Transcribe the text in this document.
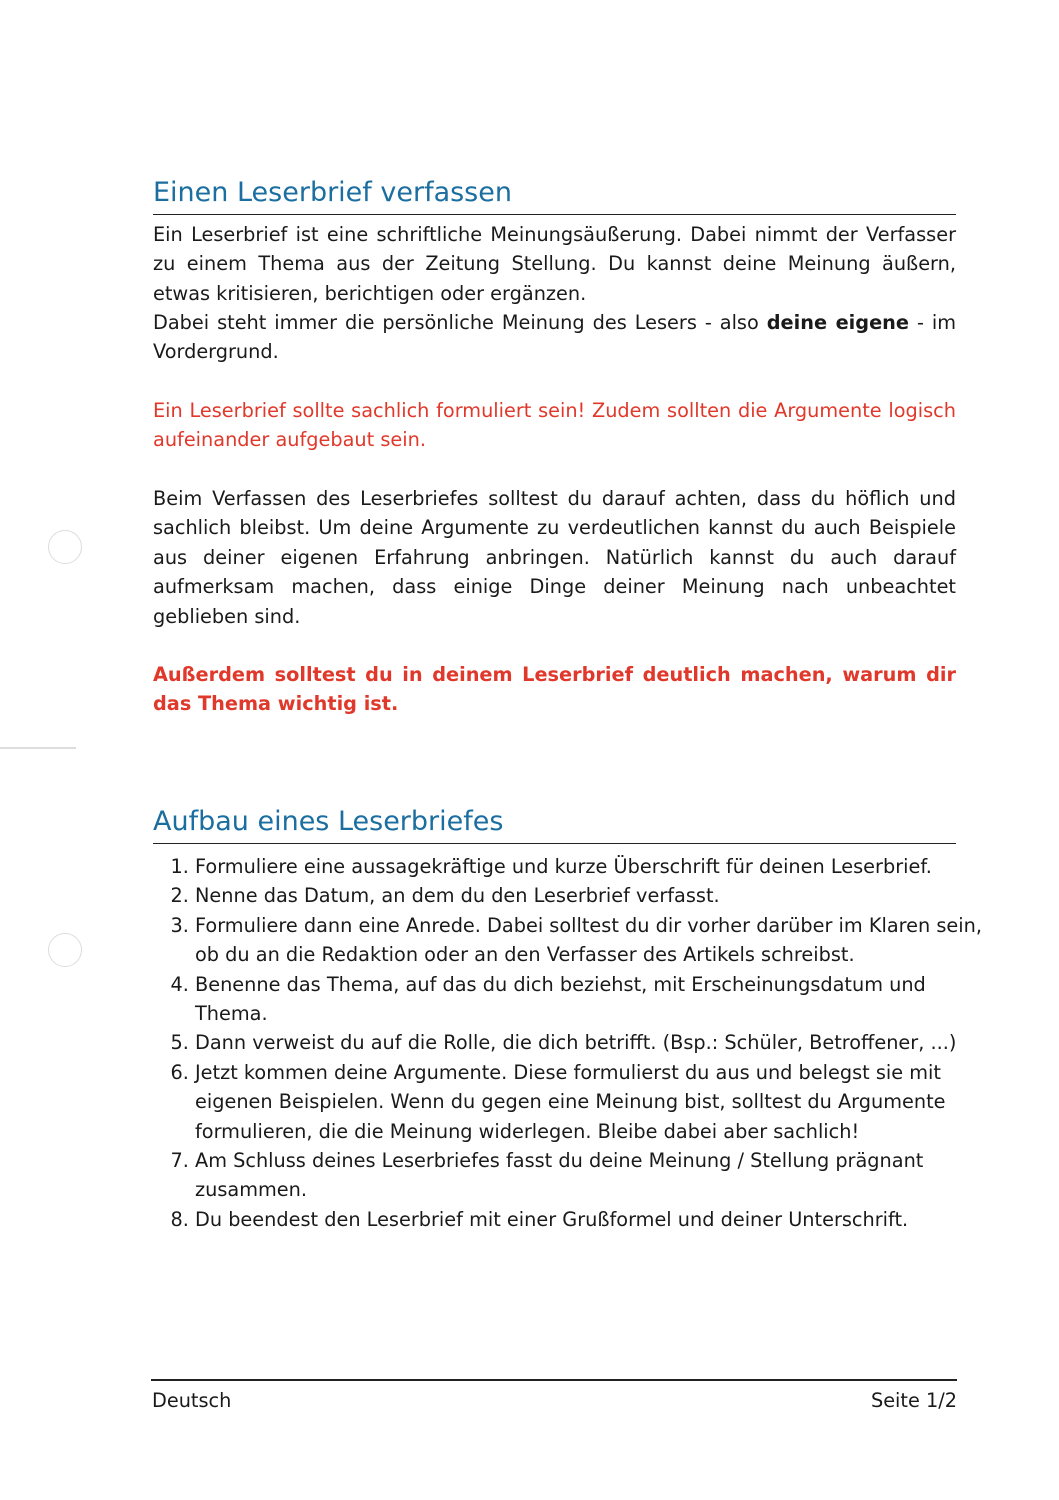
Einen Leserbrief verfassen

Ein Leserbrief ist eine schriftliche Meinungsäußerung. Dabei nimmt der Verfasser zu einem Thema aus der Zeitung Stellung. Du kannst deine Meinung äußern, etwas kritisieren, berichtigen oder ergänzen.

Dabei steht immer die persönliche Meinung des Lesers - also deine eigene - im Vordergrund.

Ein Leserbrief sollte sachlich formuliert sein! Zudem sollten die Argumente logisch aufeinander aufgebaut sein.

Beim Verfassen des Leserbriefes solltest du darauf achten, dass du höflich und sachlich bleibst. Um deine Argumente zu verdeutlichen kannst du auch Beispiele aus deiner eigenen Erfahrung anbringen. Natürlich kannst du auch darauf aufmerksam machen, dass einige Dinge deiner Meinung nach unbeachtet geblieben sind.

Außerdem solltest du in deinem Leserbrief deutlich machen, warum dir das Thema wichtig ist.

Aufbau eines Leserbriefes
1. Formuliere eine aussagekräftige und kurze Überschrift für deinen Leserbrief.
2. Nenne das Datum, an dem du den Leserbrief verfasst.
3. Formuliere dann eine Anrede. Dabei solltest du dir vorher darüber im Klaren sein, ob du an die Redaktion oder an den Verfasser des Artikels schreibst.
4. Benenne das Thema, auf das du dich beziehst, mit Erscheinungsdatum und Thema.
5. Dann verweist du auf die Rolle, die dich betrifft. (Bsp.: Schüler, Betroffener, ...)
6. Jetzt kommen deine Argumente. Diese formulierst du aus und belegst sie mit eigenen Beispielen. Wenn du gegen eine Meinung bist, solltest du Argumente formulieren, die die Meinung widerlegen. Bleibe dabei aber sachlich!
7. Am Schluss deines Leserbriefes fasst du deine Meinung / Stellung prägnant zusammen.
8. Du beendest den Leserbrief mit einer Grußformel und deiner Unterschrift.
Deutsch	Seite 1/2
